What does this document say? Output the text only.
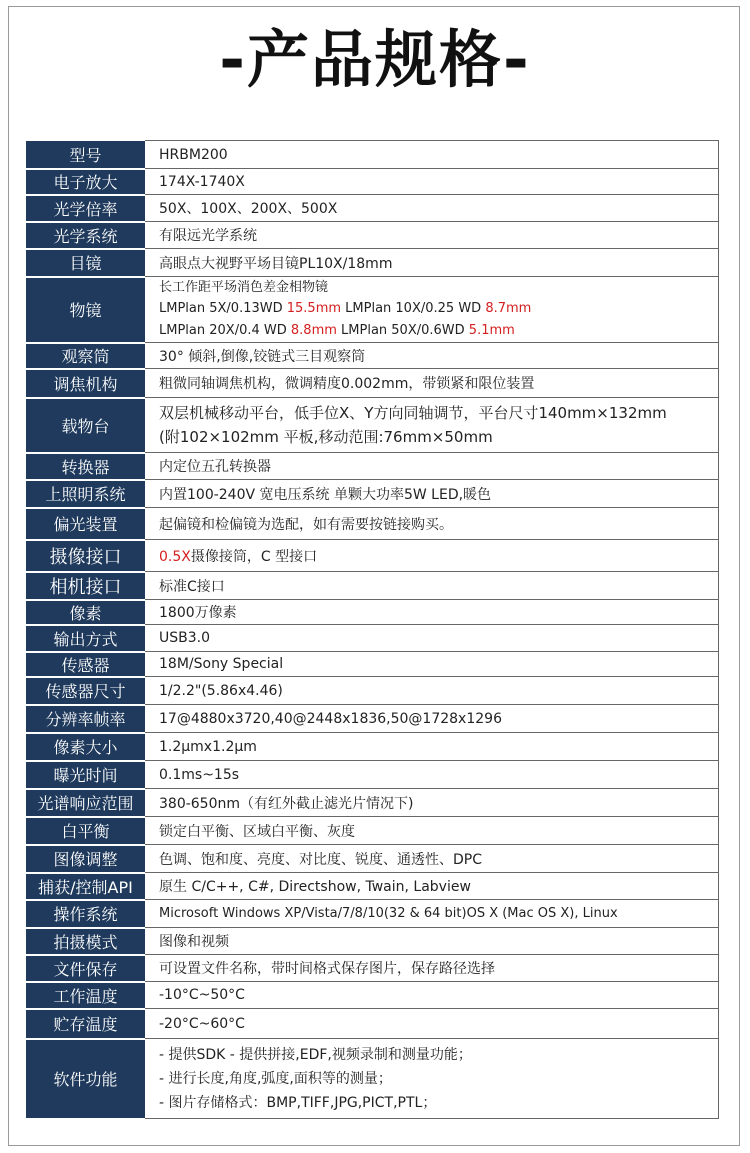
-产品规格-
型号	HRBM200
电子放大	174X-1740X
光学倍率	50X、100X、200X、500X
光学系统	有限远光学系统
目镜	高眼点大视野平场目镜PL10X/18mm
物镜	长工作距平场消色差金相物镜
LMPlan 5X/0.13WD 15.5mm LMPlan 10X/0.25 WD 8.7mm
LMPlan 20X/0.4 WD 8.8mm LMPlan 50X/0.6WD 5.1mm

观察筒	30° 倾斜,倒像,铰链式三目观察筒
调焦机构	粗微同轴调焦机构，微调精度0.002mm，带锁紧和限位装置
载物台	双层机械移动平台，低手位X、Y方向同轴调节，平台尺寸140mm×132mm
(附102×102mm 平板,移动范围:76mm×50mm

转换器	内定位五孔转换器
上照明系统	内置100-240V 宽电压系统 单颗大功率5W LED,暖色
偏光装置	起偏镜和检偏镜为选配，如有需要按链接购买。
摄像接口	0.5X摄像接筒，C 型接口
相机接口	标准C接口
像素	1800万像素
输出方式	USB3.0
传感器	18M/Sony Special
传感器尺寸	1/2.2"(5.86x4.46)
分辨率帧率	17@4880x3720,40@2448x1836,50@1728x1296
像素大小	1.2μmx1.2μm
曝光时间	0.1ms~15s
光谱响应范围	380-650nm（有红外截止滤光片情况下)
白平衡	锁定白平衡、区域白平衡、灰度
图像调整	色调、饱和度、亮度、对比度、锐度、通透性、DPC
捕获/控制API	原生 C/C++, C#, Directshow, Twain, Labview
操作系统	Microsoft Windows XP/Vista/7/8/10(32 & 64 bit)OS X (Mac OS X), Linux
拍摄模式	图像和视频
文件保存	可设置文件名称，带时间格式保存图片，保存路径选择
工作温度	-10°C~50°C
贮存温度	-20°C~60°C
软件功能	- 提供SDK - 提供拼接,EDF,视频录制和测量功能；
- 进行长度,角度,弧度,面积等的测量；
- 图片存储格式：BMP,TIFF,JPG,PICT,PTL；
